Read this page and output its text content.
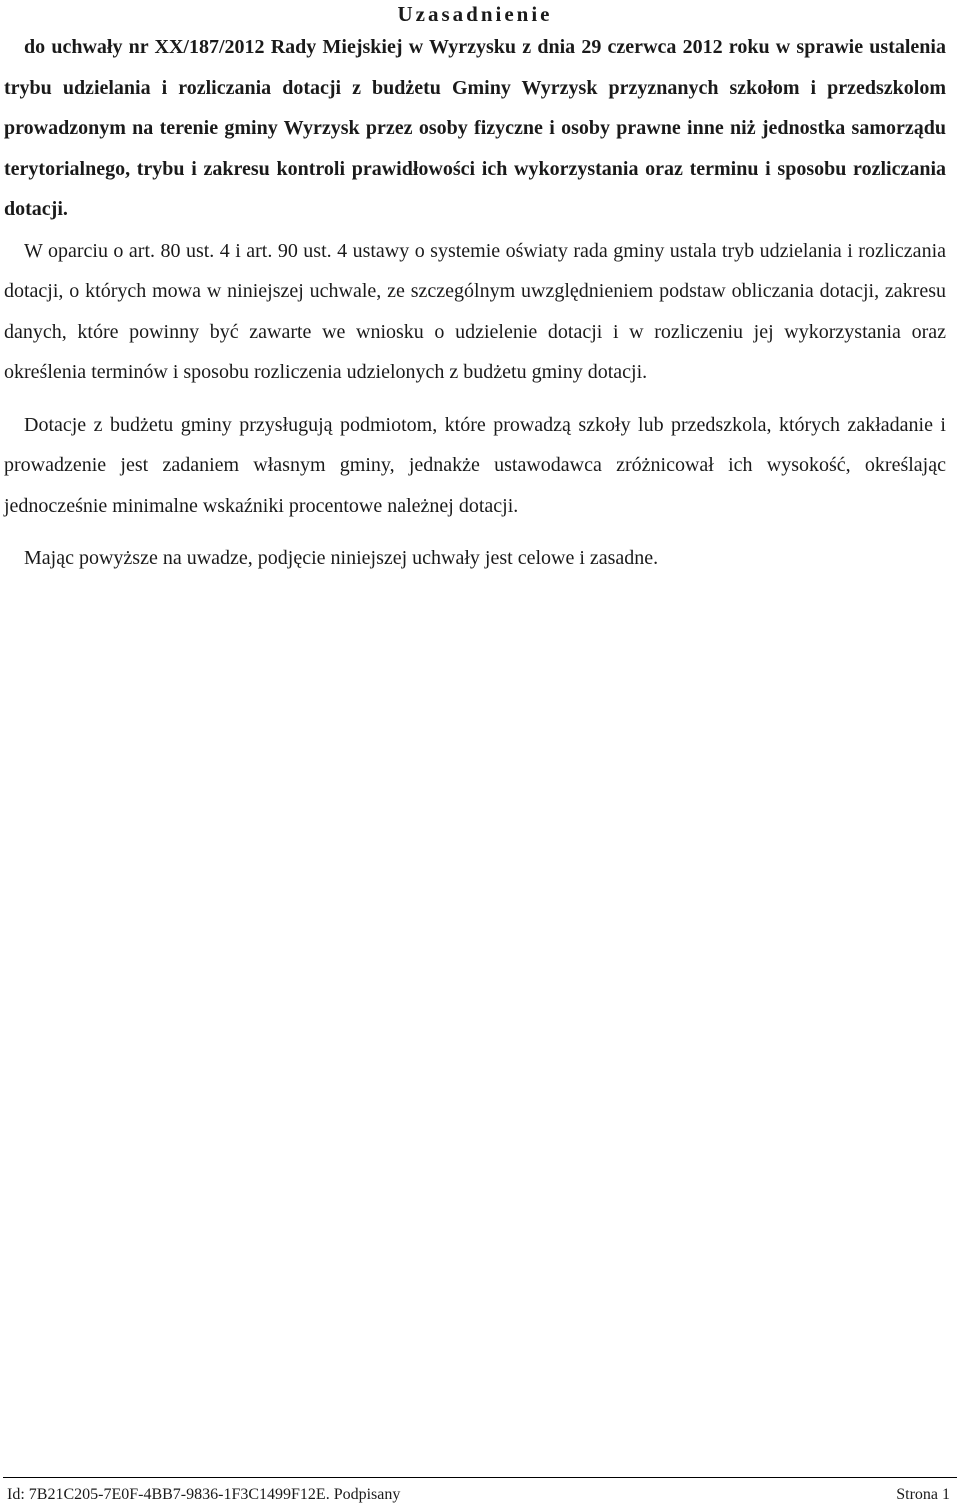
Uzasadnienie

do uchwały nr XX/187/2012 Rady Miejskiej w Wyrzysku z dnia 29 czerwca 2012 roku w sprawie ustalenia trybu udzielania i rozliczania dotacji z budżetu Gminy Wyrzysk przyznanych szkołom i przedszkolom prowadzonym na terenie gminy Wyrzysk przez osoby fizyczne i osoby prawne inne niż jednostka samorządu terytorialnego, trybu i zakresu kontroli prawidłowości ich wykorzystania oraz terminu i sposobu rozliczania dotacji.

W oparciu o art. 80 ust. 4 i art. 90 ust. 4 ustawy o systemie oświaty rada gminy ustala tryb udzielania i rozliczania dotacji, o których mowa w niniejszej uchwale, ze szczególnym uwzględnieniem podstaw obliczania dotacji, zakresu danych, które powinny być zawarte we wniosku o udzielenie dotacji i w rozliczeniu jej wykorzystania oraz określenia terminów i sposobu rozliczenia udzielonych z budżetu gminy dotacji.

Dotacje z budżetu gminy przysługują podmiotom, które prowadzą szkoły lub przedszkola, których zakładanie i prowadzenie jest zadaniem własnym gminy, jednakże ustawodawca zróżnicował ich wysokość, określając jednocześnie minimalne wskaźniki procentowe należnej dotacji.

Mając powyższe na uwadze, podjęcie niniejszej uchwały jest celowe i zasadne.

Id: 7B21C205-7E0F-4BB7-9836-1F3C1499F12E. Podpisany	Strona 1
